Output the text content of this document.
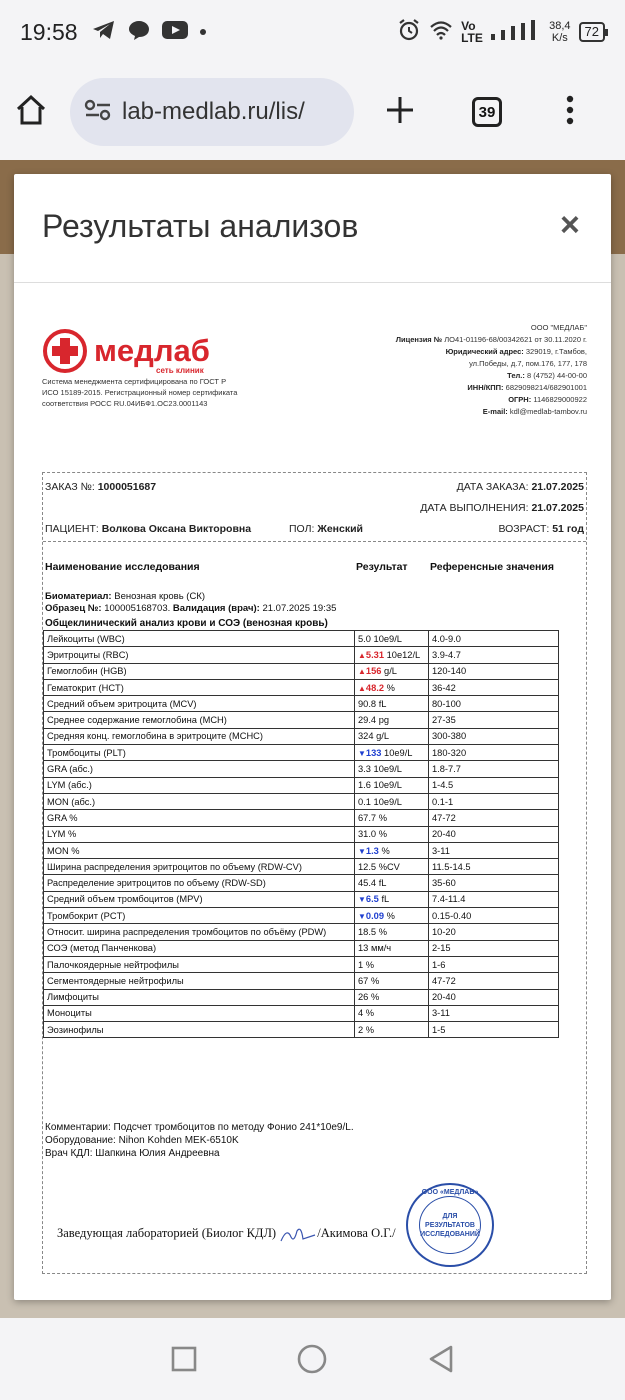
19:58	Vo LTE
38,4
K/s	72
lab-medlab.ru/lis/	39
Результаты анализов	×
медлаб
сеть клиник
Система менеджмента сертифицирована по ГОСТ Р ИСО 15189-2015. Регистрационный номер сертификата соответствия РОСС RU.04ИБФ1.ОС23.0001143
ООО "МЕДЛАБ"
Лицензия № ЛО41-01196-68/00342621 от 30.11.2020 г.
Юридический адрес: 329019, г.Тамбов,
ул.Победы, д.7, пом.176, 177, 178
Тел.: 8 (4752) 44-00-00
ИНН/КПП: 6829098214/682901001
ОГРН: 1146829000922
E-mail: kdl@medlab-tambov.ru
ЗАКАЗ №: 1000051687	ДАТА ЗАКАЗА: 21.07.2025
ДАТА ВЫПОЛНЕНИЯ: 21.07.2025
ПАЦИЕНТ: Волкова Оксана Викторовна	ПОЛ: Женский	ВОЗРАСТ: 51 год
Наименование исследования	Результат Референсные значения
Биоматериал: Венозная кровь (СК)
Образец №: 100005168703. Валидация (врач): 21.07.2025 19:35
Общеклинический анализ крови и СОЭ (венозная кровь)
Лейкоциты (WBC)	5.0 10e9/L	4.0-9.0
Эритроциты (RBC)	▲5.31 10e12/L	3.9-4.7
Гемоглобин (HGB)	▲156 g/L	120-140
Гематокрит (HCT)	▲48.2 %	36-42
Средний объем эритроцита (MCV)	90.8 fL	80-100
Среднее содержание гемоглобина (MCH)	29.4 pg	27-35
Средняя конц. гемоглобина в эритроците (MCHC)	324 g/L	300-380
Тромбоциты (PLT)	▼133 10e9/L	180-320
GRA (абс.)	3.3 10e9/L	1.8-7.7
LYM (абс.)	1.6 10e9/L	1-4.5
MON (абс.)	0.1 10e9/L	0.1-1
GRA %	67.7 %	47-72
LYM %	31.0 %	20-40
MON %	▼1.3 %	3-11
Ширина распределения эритроцитов по объему (RDW-CV)	12.5 %CV	11.5-14.5
Распределение эритроцитов по объему (RDW-SD)	45.4 fL	35-60
Средний объем тромбоцитов (MPV)	▼6.5 fL	7.4-11.4
Тромбокрит (PCT)	▼0.09 %	0.15-0.40
Относит. ширина распределения тромбоцитов по объёму (PDW)	18.5 %	10-20
СОЭ (метод Панченкова)	13 мм/ч	2-15
Палочкоядерные нейтрофилы	1 %	1-6
Сегментоядерные нейтрофилы	67 %	47-72
Лимфоциты	26 %	20-40
Моноциты	4 %	3-11
Эозинофилы	2 %	1-5
Комментарии: Подсчет тромбоцитов по методу Фонио 241*10e9/L.
Оборудование: Nihon Kohden MEK-6510K
Врач КДЛ: Шапкина Юлия Андреевна
Заведующая лабораторией (Биолог КДЛ)	/Акимова О.Г./
ООО «МЕДЛАБ»
ДЛЯ РЕЗУЛЬТАТОВ ИССЛЕДОВАНИЙ
